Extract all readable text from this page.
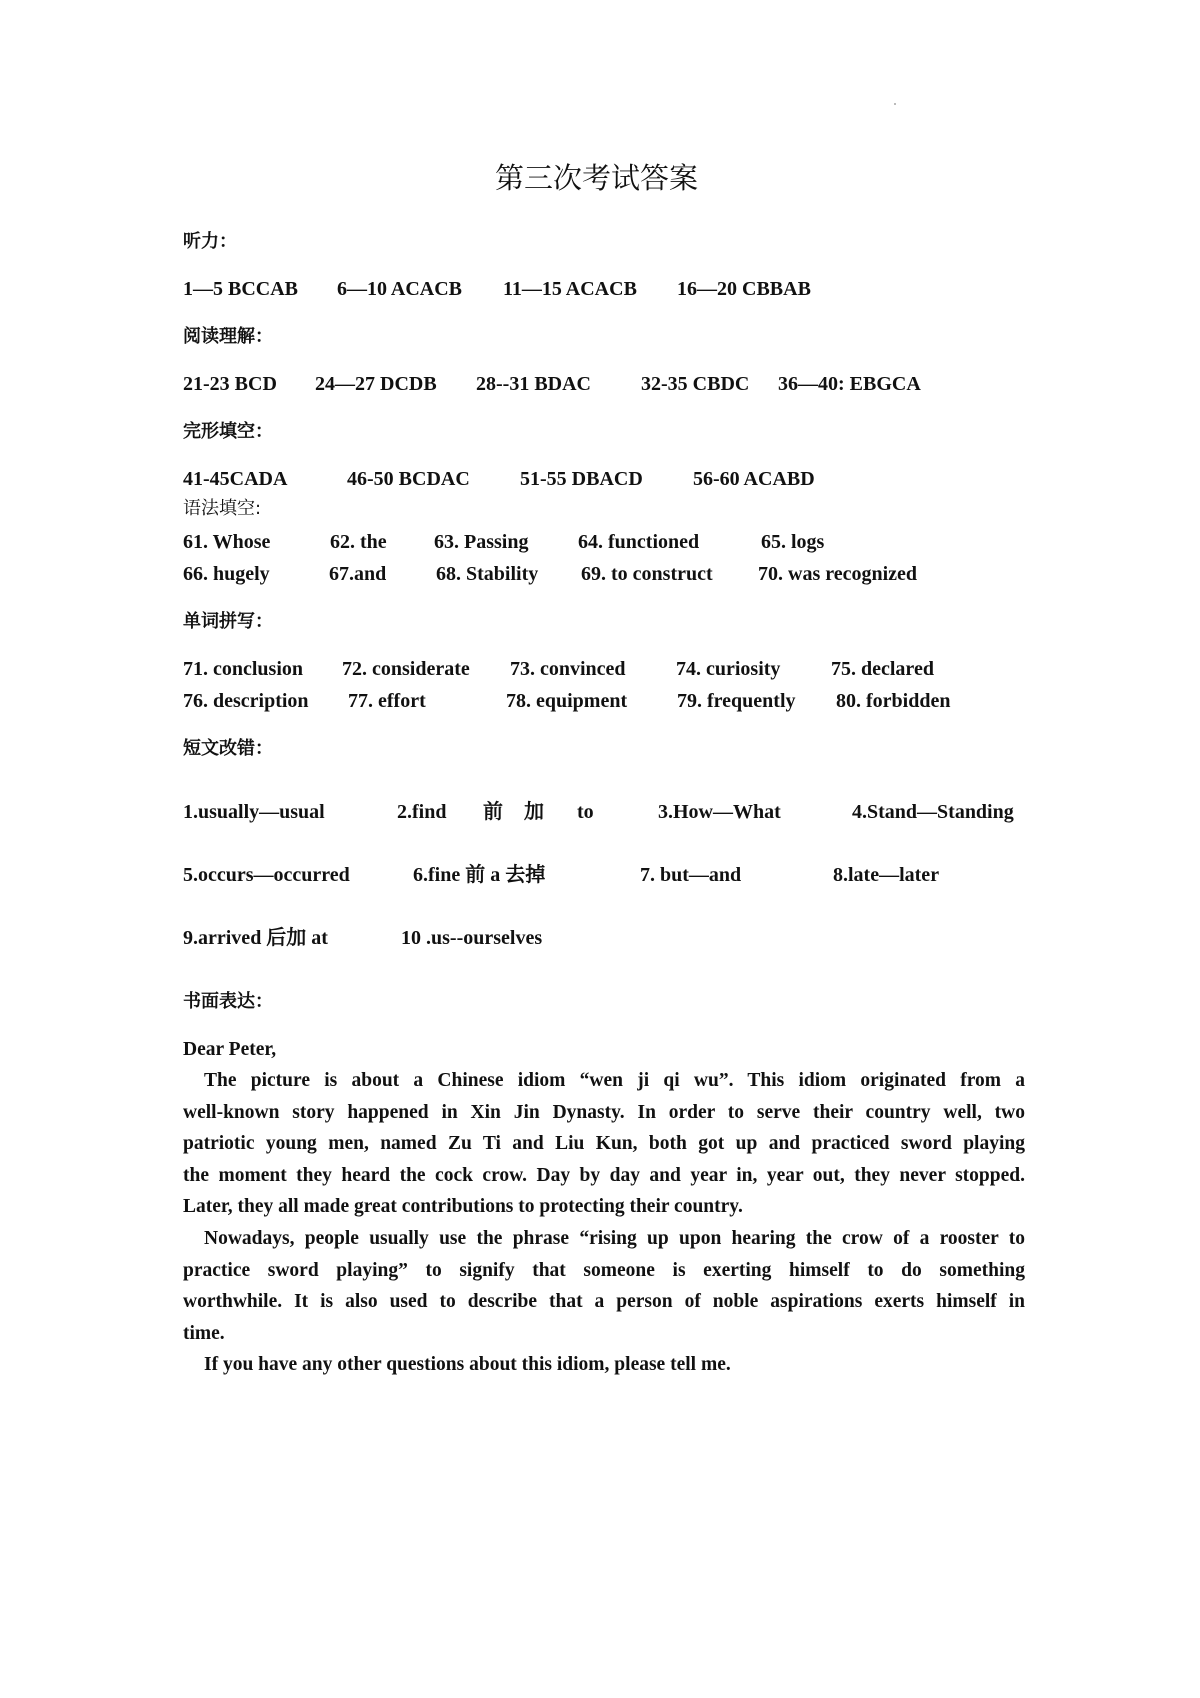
第三次考试答案
听力：
1—5 BCCAB 6—10 ACACB 11—15 ACACB 16—20 CBBAB
阅读理解：
21-23 BCD 24—27 DCDB 28--31 BDAC	32-35 CBDC 36—40: EBGCA
完形填空：
41-45CADA	46-50 BCDAC	51-55 DBACD	56-60 ACABD
语法填空:
61. Whose	62. the 63. Passing 64. functioned	65. logs
66. hugely	67.and 68. Stability 69. to construct 70. was recognized
单词拼写：
71. conclusion 72. considerate 73. convinced	74. curiosity	75. declared
76. description 77. effort	78. equipment 79. frequently 80. forbidden
短文改错：
1.usually—usual	2.find 前 加 to	3.How—What	4.Stand—Standing
5.occurs—occurred	6.fine 前 a 去掉	7. but—and	8.late—later
9.arrived 后加 at	10 .us--ourselves
书面表达：
Dear Peter,
The picture is about a Chinese idiom “wen ji qi wu”. This idiom originated from a
well-known story happened in Xin Jin Dynasty. In order to serve their country well, two
patriotic young men, named Zu Ti and Liu Kun, both got up and practiced sword playing
the moment they heard the cock crow. Day by day and year in, year out, they never stopped.
Later, they all made great contributions to protecting their country.
Nowadays, people usually use the phrase “rising up upon hearing the crow of a rooster to
practice sword playing” to signify that someone is exerting himself to do something
worthwhile. It is also used to describe that a person of noble aspirations exerts himself in
time.
If you have any other questions about this idiom, please tell me.
